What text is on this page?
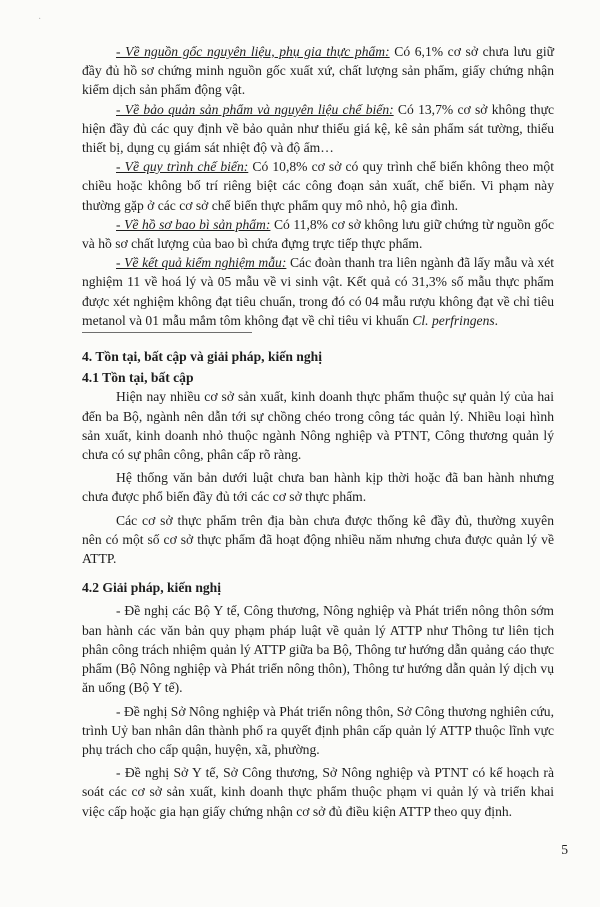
·

- Về nguồn gốc nguyên liệu, phụ gia thực phẩm: Có 6,1% cơ sở chưa lưu giữ đầy đủ hồ sơ chứng minh nguồn gốc xuất xứ, chất lượng sản phẩm, giấy chứng nhận kiểm dịch sản phẩm động vật.

- Về bảo quản sản phẩm và nguyên liệu chế biến: Có 13,7% cơ sở không thực hiện đầy đủ các quy định về bảo quản như thiếu giá kệ, kê sản phẩm sát tường, thiếu thiết bị, dụng cụ giám sát nhiệt độ và độ ẩm…

- Về quy trình chế biến: Có 10,8% cơ sở có quy trình chế biến không theo một chiều hoặc không bố trí riêng biệt các công đoạn sản xuất, chế biến. Vi phạm này thường gặp ở các cơ sở chế biến thực phẩm quy mô nhỏ, hộ gia đình.

- Về hồ sơ bao bì sản phẩm: Có 11,8% cơ sở không lưu giữ chứng từ nguồn gốc và hồ sơ chất lượng của bao bì chứa đựng trực tiếp thực phẩm.

- Về kết quả kiểm nghiệm mẫu: Các đoàn thanh tra liên ngành đã lấy mẫu và xét nghiệm 11 về hoá lý và 05 mẫu về vi sinh vật. Kết quả có 31,3% số mẫu thực phẩm được xét nghiệm không đạt tiêu chuẩn, trong đó có 04 mẫu rượu không đạt về chỉ tiêu metanol và 01 mẫu mắm tôm không đạt về chỉ tiêu vi khuẩn Cl. perfringens.

4. Tồn tại, bất cập và giải pháp, kiến nghị

4.1 Tồn tại, bất cập

Hiện nay nhiều cơ sở sản xuất, kinh doanh thực phẩm thuộc sự quản lý của hai đến ba Bộ, ngành nên dẫn tới sự chồng chéo trong công tác quản lý. Nhiều loại hình sản xuất, kinh doanh nhỏ thuộc ngành Nông nghiệp và PTNT, Công thương quản lý chưa có sự phân công, phân cấp rõ ràng.

Hệ thống văn bản dưới luật chưa ban hành kịp thời hoặc đã ban hành nhưng chưa được phổ biến đầy đủ tới các cơ sở thực phẩm.

Các cơ sở thực phẩm trên địa bàn chưa được thống kê đầy đủ, thường xuyên nên có một số cơ sở thực phẩm đã hoạt động nhiều năm nhưng chưa được quản lý về ATTP.

4.2 Giải pháp, kiến nghị

- Đề nghị các Bộ Y tế, Công thương, Nông nghiệp và Phát triển nông thôn sớm ban hành các văn bản quy phạm pháp luật về quản lý ATTP như Thông tư liên tịch phân công trách nhiệm quản lý ATTP giữa ba Bộ, Thông tư hướng dẫn quảng cáo thực phẩm (Bộ Nông nghiệp và Phát triển nông thôn), Thông tư hướng dẫn quản lý dịch vụ ăn uống (Bộ Y tế).

- Đề nghị Sở Nông nghiệp và Phát triển nông thôn, Sở Công thương nghiên cứu, trình Uỷ ban nhân dân thành phố ra quyết định phân cấp quản lý ATTP thuộc lĩnh vực phụ trách cho cấp quận, huyện, xã, phường.

- Đề nghị Sở Y tế, Sở Công thương, Sở Nông nghiệp và PTNT có kế hoạch rà soát các cơ sở sản xuất, kinh doanh thực phẩm thuộc phạm vi quản lý và triển khai việc cấp hoặc gia hạn giấy chứng nhận cơ sở đủ điều kiện ATTP theo quy định.

5
